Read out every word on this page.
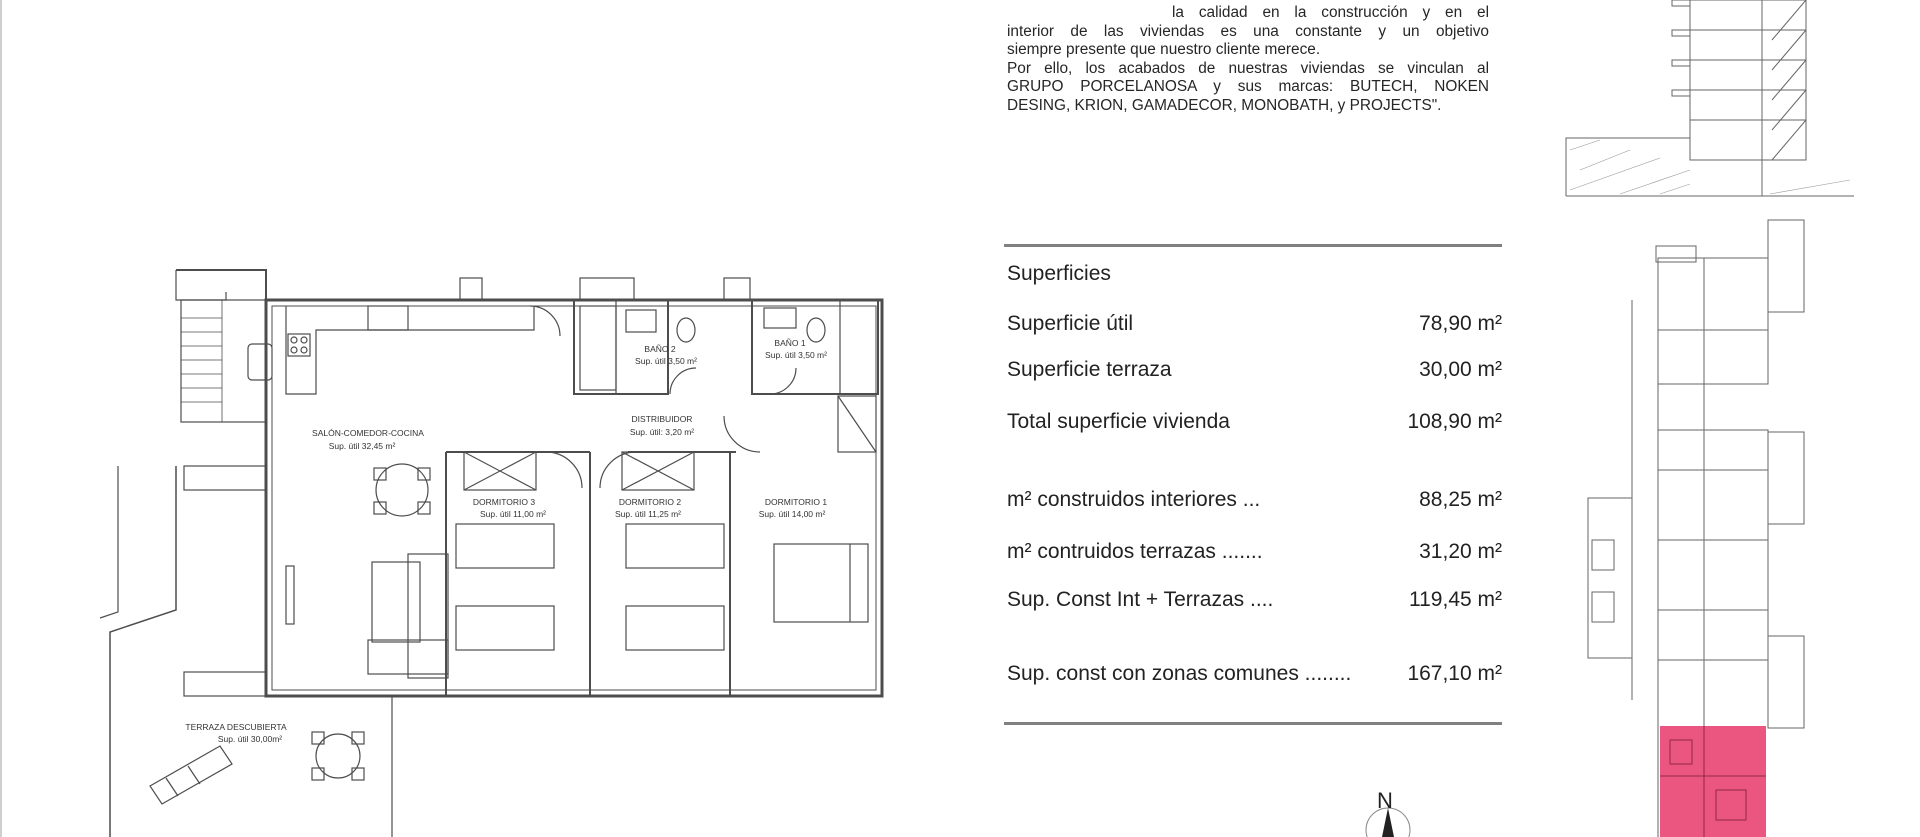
la calidad en la construcción y en el
interior de las viviendas es una constante y un objetivo
siempre presente que nuestro cliente merece.
Por ello, los acabados de nuestras viviendas se vinculan al
GRUPO PORCELANOSA y sus marcas: BUTECH, NOKEN
DESING, KRION, GAMADECOR, MONOBATH, y PROJECTS".
Superficies
Superficie útil	78,90 m²
Superficie terraza	30,00 m²
Total superficie vivienda	108,90 m²
m² construidos interiores ...	88,25 m²
m² contruidos terrazas .......	31,20 m²
Sup. Const Int + Terrazas ....	119,45 m²
Sup. const con zonas comunes ........	167,10 m²
SALÓN-COMEDOR-COCINA
Sup. útil 32,45 m²
DISTRIBUIDOR
Sup. útil: 3,20 m²
BAÑO 2
Sup. útil 3,50 m²
BAÑO 1
Sup. útil 3,50 m²
DORMITORIO 3
Sup. útil 11,00 m²
DORMITORIO 2
Sup. útil 11,25 m²
DORMITORIO 1
Sup. útil 14,00 m²
TERRAZA DESCUBIERTA
Sup. útil 30,00m²
N
